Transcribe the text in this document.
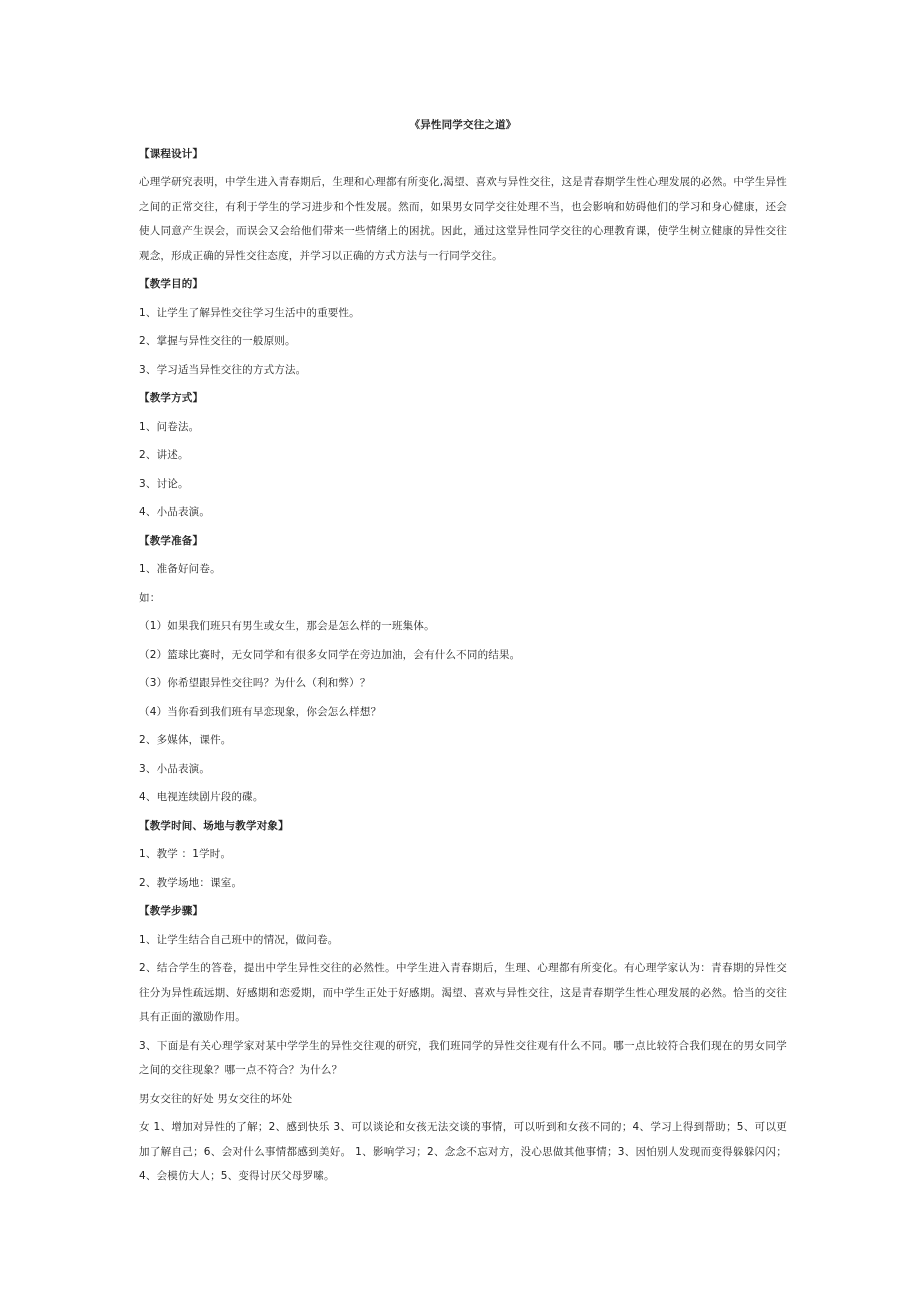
《异性同学交往之道》
【课程设计】
心理学研究表明，中学生进入青春期后，生理和心理都有所变化,渴望、喜欢与异性交往，这是青春期学生性心理发展的必然。中学生异性之间的正常交往，有利于学生的学习进步和个性发展。然而，如果男女同学交往处理不当，也会影响和妨碍他们的学习和身心健康，还会使人同意产生误会，而误会又会给他们带来一些情绪上的困扰。因此，通过这堂异性同学交往的心理教育课，使学生树立健康的异性交往观念，形成正确的异性交往态度，并学习以正确的方式方法与一行同学交往。
【教学目的】
1、让学生了解异性交往学习生活中的重要性。
2、掌握与异性交往的一般原则。
3、学习适当异性交往的方式方法。
【教学方式】
1、问卷法。
2、讲述。
3、讨论。
4、小品表演。
【教学准备】
1、准备好问卷。
如：
（1）如果我们班只有男生或女生，那会是怎么样的一班集体。
（2）篮球比赛时，无女同学和有很多女同学在旁边加油，会有什么不同的结果。
（3）你希望跟异性交往吗？为什么（利和弊）？
（4）当你看到我们班有早恋现象，你会怎么样想？
2、多媒体，课件。
3、小品表演。
4、电视连续剧片段的碟。
【教学时间、场地与教学对象】
1、教学 ：1学时。
2、教学场地：课室。
【教学步骤】
1、让学生结合自己班中的情况，做问卷。
2、结合学生的答卷，提出中学生异性交往的必然性。中学生进入青春期后，生理、心理都有所变化。有心理学家认为：青春期的异性交往分为异性疏远期、好感期和恋爱期，而中学生正处于好感期。渴望、喜欢与异性交往，这是青春期学生性心理发展的必然。恰当的交往具有正面的激励作用。
3、下面是有关心理学家对某中学学生的异性交往观的研究，我们班同学的异性交往观有什么不同。哪一点比较符合我们现在的男女同学之间的交往现象？哪一点不符合？为什么？
男女交往的好处 男女交往的坏处
女 1、增加对异性的了解；2、感到快乐 3、可以谈论和女孩无法交谈的事情，可以听到和女孩不同的；4、学习上得到帮助；5、可以更加了解自己；6、会对什么事情都感到美好。 1、影响学习；2、念念不忘对方，没心思做其他事情；3、因怕别人发现而变得躲躲闪闪；4、会模仿大人；5、变得讨厌父母罗嗦。
